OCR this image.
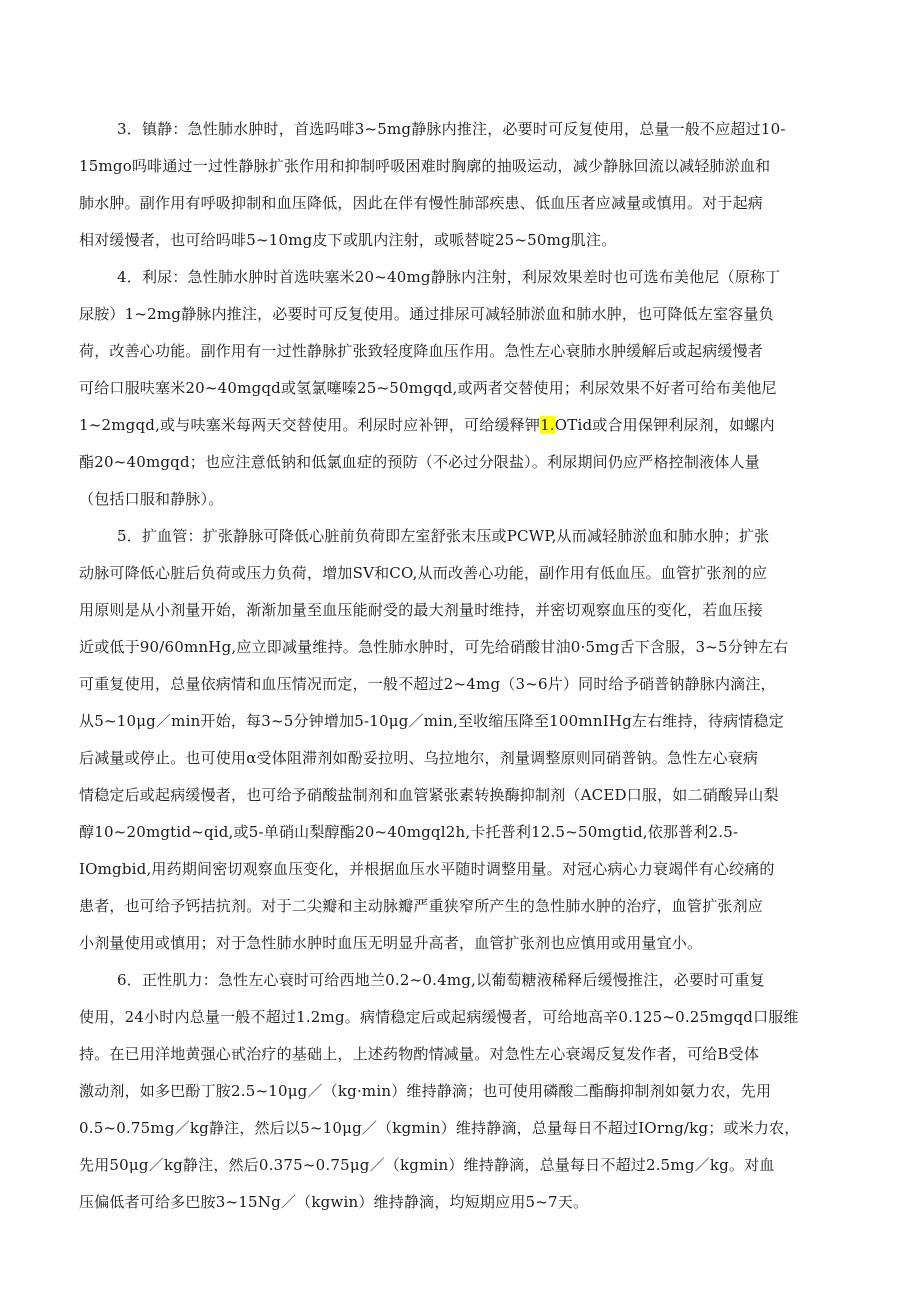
3．镇静：急性肺水肿时，首选吗啡3~5mg静脉内推注，必要时可反复使用，总量一般不应超过10-
15mgo吗啡通过一过性静脉扩张作用和抑制呼吸困难时胸廓的抽吸运动，减少静脉回流以减轻肺淤血和
肺水肿。副作用有呼吸抑制和血压降低，因此在伴有慢性肺部疾患、低血压者应减量或慎用。对于起病
相对缓慢者，也可给吗啡5~10mg皮下或肌内注射，或哌替啶25~50mg肌注。
4．利尿：急性肺水肿时首选呋塞米20~40mg静脉内注射，利尿效果差时也可选布美他尼（原称丁
尿胺）1~2mg静脉内推注，必要时可反复使用。通过排尿可减轻肺淤血和肺水肿，也可降低左室容量负
荷，改善心功能。副作用有一过性静脉扩张致轻度降血压作用。急性左心衰肺水肿缓解后或起病缓慢者
可给口服呋塞米20~40mgqd或氢氯噻嗪25~50mgqd,或两者交替使用；利尿效果不好者可给布美他尼
1~2mgqd,或与呋塞米每两天交替使用。利尿时应补钾，可给缓释钾1.OTid或合用保钾利尿剂，如螺内
酯20~40mgqd；也应注意低钠和低氯血症的预防（不必过分限盐）。利尿期间仍应严格控制液体人量
（包括口服和静脉）。
5．扩血管：扩张静脉可降低心脏前负荷即左室舒张末压或PCWP,从而减轻肺淤血和肺水肿；扩张
动脉可降低心脏后负荷或压力负荷，增加SV和CO,从而改善心功能，副作用有低血压。血管扩张剂的应
用原则是从小剂量开始，渐渐加量至血压能耐受的最大剂量时维持，并密切观察血压的变化，若血压接
近或低于90/60mnHg,应立即减量维持。急性肺水肿时，可先给硝酸甘油0·5mg舌下含服，3~5分钟左右
可重复使用，总量依病情和血压情况而定，一般不超过2~4mg（3~6片）同时给予硝普钠静脉内滴注，
从5~10μg／min开始，每3~5分钟增加5-10μg／min,至收缩压降至100mnIHg左右维持，待病情稳定
后减量或停止。也可使用α受体阻滞剂如酚妥拉明、乌拉地尔，剂量调整原则同硝普钠。急性左心衰病
情稳定后或起病缓慢者，也可给予硝酸盐制剂和血管紧张素转换酶抑制剂（ACED口服，如二硝酸异山梨
醇10~20mgtid~qid,或5-单硝山梨醇酯20~40mgql2h,卡托普利12.5~50mgtid,依那普利2.5-
IOmgbid,用药期间密切观察血压变化，并根据血压水平随时调整用量。对冠心病心力衰竭伴有心绞痛的
患者，也可给予钙拮抗剂。对于二尖瓣和主动脉瓣严重狭窄所产生的急性肺水肿的治疗，血管扩张剂应
小剂量使用或慎用；对于急性肺水肿时血压无明显升高者，血管扩张剂也应慎用或用量宜小。
6．正性肌力：急性左心衰时可给西地兰0.2~0.4mg,以葡萄糖液稀释后缓慢推注，必要时可重复
使用，24小时内总量一般不超过1.2mg。病情稳定后或起病缓慢者，可给地高辛0.125~0.25mgqd口服维
持。在已用洋地黄强心甙治疗的基础上，上述药物酌情减量。对急性左心衰竭反复发作者，可给B受体
激动剂，如多巴酚丁胺2.5~10μg／（kg·min）维持静滴；也可使用磷酸二酯酶抑制剂如氨力农，先用
0.5~0.75mg／kg静注，然后以5~10μg／（kgmin）维持静滴，总量每日不超过IOrng/kg；或米力农，
先用50μg／kg静注，然后0.375~0.75μg／（kgmin）维持静滴，总量每日不超过2.5mg／kg。对血
压偏低者可给多巴胺3~15Ng／（kgwin）维持静滴，均短期应用5~7天。
